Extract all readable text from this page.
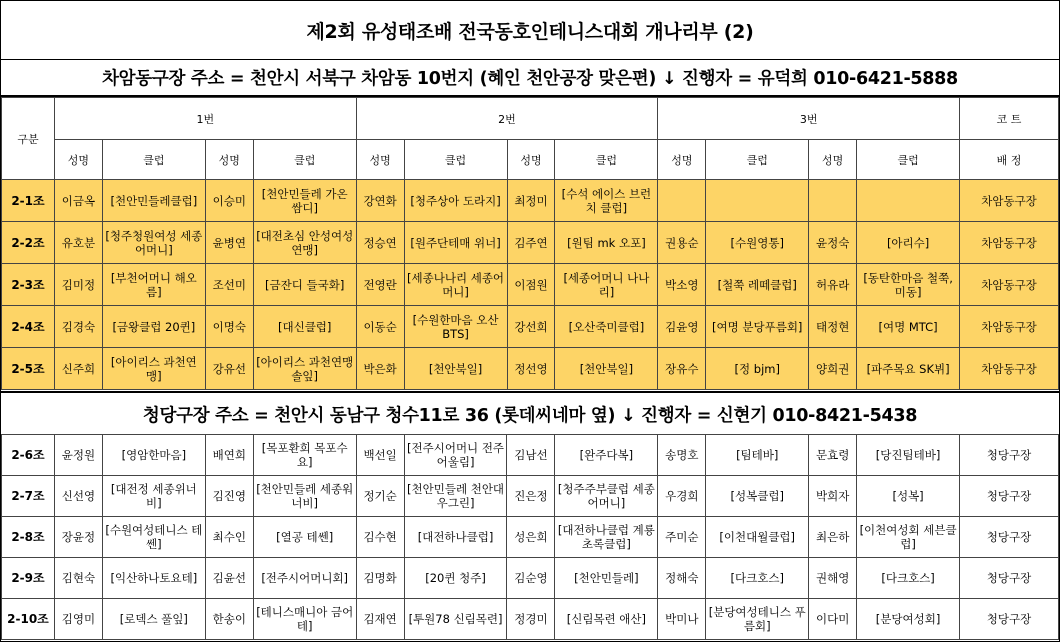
제2회 유성태조배 전국동호인테니스대회 개나리부 (2)
차암동구장 주소 = 천안시 서북구 차암동 10번지 (혜인 천안공장 맞은편) ↓ 진행자 = 유덕희 010-6421-5888
구분	1번				2번				3번				코 트
	성명	클럽	성명	클럽	성명	클럽	성명	클럽	성명	클럽	성명	클럽	배 정
2-1조	이금옥	[천안민들레클럽]	이승미	[천안민들레 가온 쌈디]	강연화	[청주상아 도라지]	최정미	[수석 에이스 브런치 클럽]					차암동구장
2-2조	유호분	[청주청원여성 세종어머니]	윤병연	[대전초심 안성여성연맹]	정승연	[원주단테매 위너]	김주연	[원팀 mk 오포]	권용순	[수원영통]	윤정숙	[아리수]	차암동구장
2-3조	김미정	[부천어머니 해오름]	조선미	[금잔디 들국화]	전영란	[세종나나리 세종어머니]	이점원	[세종어머니 나나리]	박소영	[철쭉 레떼클럽]	허유라	[동탄한마음 철쭉, 미동]	차암동구장
2-4조	김경숙	[금왕클럽 20퀸]	이명숙	[대신클럽]	이동순	[수원한마음 오산BTS]	강선희	[오산죽미클럽]	김윤영	[여명 분당푸름회]	태정현	[여명 MTC]	차암동구장
2-5조	신주희	[아이리스 과천연맹]	강유선	[아이리스 과천연맹 솔잎]	박은화	[천안북일]	정선영	[천안북일]	장유수	[정 bjm]	양희권	[파주목요 SK뷔]	차암동구장
청당구장 주소 = 천안시 동남구 청수11로 36 (롯데씨네마 옆) ↓ 진행자 = 신현기 010-8421-5438
2-6조	윤정원	[영암한마음]	배연희	[목포환희 목포수요]	백선일	[전주시어머니 전주어울림]	김남선	[완주다복]	송명호	[팀테바]	문효령	[당진팀테바]	청당구장
2-7조	신선영	[대전정 세종위너비]	김진영	[천안민들레 세종워너비]	정기순	[천안민들레 천안대우그린]	진은정	[청주주부클럽 세종어머니]	우경희	[성복클럽]	박희자	[성복]	청당구장
2-8조	장윤정	[수원여성테니스 테쎈]	최수인	[열공 테쎈]	김수현	[대전하나클럽]	성은희	[대전하나클럽 계룡초록클럽]	주미순	[이천대월클럽]	최은하	[이천여성회 세븐클럽]	청당구장
2-9조	김현숙	[익산하나토요테]	김윤선	[전주시어머니회]	김명화	[20퀸 청주]	김순영	[천안민들레]	정해숙	[다크호스]	권해영	[다크호스]	청당구장
2-10조	김영미	[로덱스 풀잎]	한송이	[테니스매니아 금어테]	김재연	[투원78 신림목련]	정경미	[신림목련 애산]	박미나	[분당여성테니스 푸름회]	이다미	[분당여성회]	청당구장
